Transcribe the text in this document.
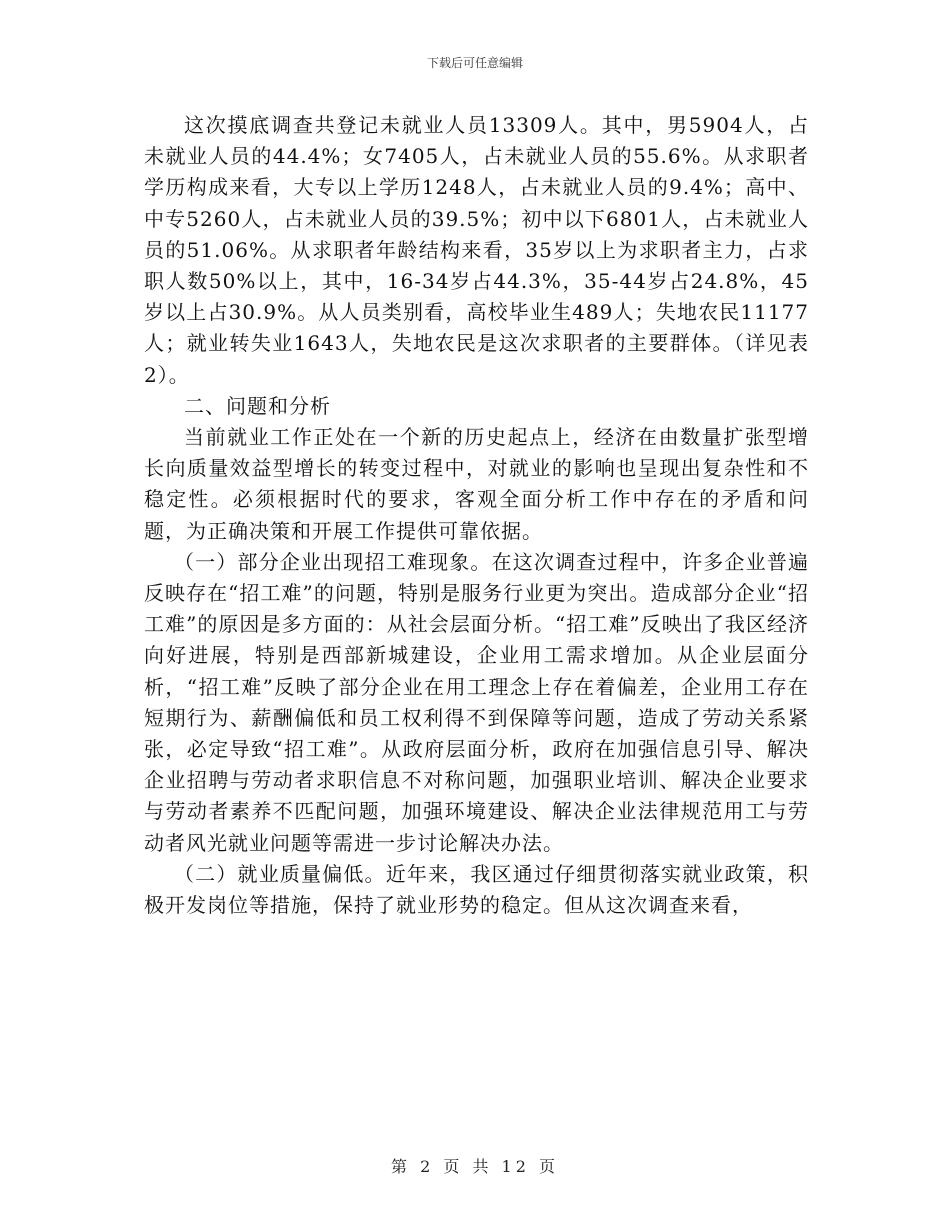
下载后可任意编辑

这次摸底调查共登记未就业人员13309人。其中，男5904人，占未就业人员的44.4%；女7405人，占未就业人员的55.6%。从求职者学历构成来看，大专以上学历1248人，占未就业人员的9.4%；高中、中专5260人，占未就业人员的39.5%；初中以下6801人，占未就业人员的51.06%。从求职者年龄结构来看，35岁以上为求职者主力，占求职人数50%以上，其中，16-34岁占44.3%，35-44岁占24.8%，45岁以上占30.9%。从人员类别看，高校毕业生489人；失地农民11177人；就业转失业1643人，失地农民是这次求职者的主要群体。（详见表2）。

二、问题和分析

当前就业工作正处在一个新的历史起点上，经济在由数量扩张型增长向质量效益型增长的转变过程中，对就业的影响也呈现出复杂性和不稳定性。必须根据时代的要求，客观全面分析工作中存在的矛盾和问题，为正确决策和开展工作提供可靠依据。

（一）部分企业出现招工难现象。在这次调查过程中，许多企业普遍反映存在“招工难”的问题，特别是服务行业更为突出。造成部分企业“招工难”的原因是多方面的：从社会层面分析。“招工难”反映出了我区经济向好进展，特别是西部新城建设，企业用工需求增加。从企业层面分析，“招工难”反映了部分企业在用工理念上存在着偏差，企业用工存在短期行为、薪酬偏低和员工权利得不到保障等问题，造成了劳动关系紧张，必定导致“招工难”。从政府层面分析，政府在加强信息引导、解决企业招聘与劳动者求职信息不对称问题，加强职业培训、解决企业要求与劳动者素养不匹配问题，加强环境建设、解决企业法律规范用工与劳动者风光就业问题等需进一步讨论解决办法。

（二）就业质量偏低。近年来，我区通过仔细贯彻落实就业政策，积极开发岗位等措施，保持了就业形势的稳定。但从这次调查来看，

第 2 页 共 12 页
